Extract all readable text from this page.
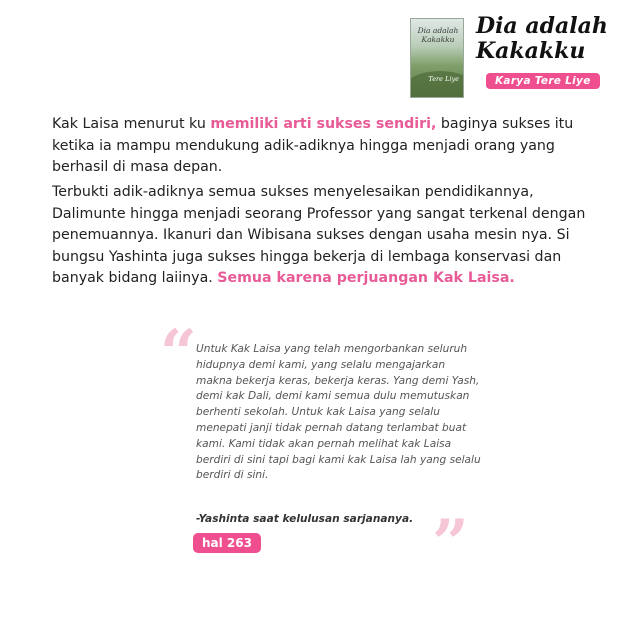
Dia adalah Kakakku
Tere Liye
Dia adalah
Kakakku
Karya Tere Liye

Kak Laisa menurut ku memiliki arti sukses sendiri, baginya sukses itu ketika ia mampu mendukung adik-adiknya hingga menjadi orang yang berhasil di masa depan.

Terbukti adik-adiknya semua sukses menyelesaikan pendidikannya, Dalimunte hingga menjadi seorang Professor yang sangat terkenal dengan penemuannya. Ikanuri dan Wibisana sukses dengan usaha mesin nya. Si bungsu Yashinta juga sukses hingga bekerja di lembaga konservasi dan banyak bidang laiinya. Semua karena perjuangan Kak Laisa.

“ Untuk Kak Laisa yang telah mengorbankan seluruh hidupnya demi kami, yang selalu mengajarkan makna bekerja keras, bekerja keras. Yang demi Yash, demi kak Dali, demi kami semua dulu memutuskan berhenti sekolah. Untuk kak Laisa yang selalu menepati janji tidak pernah datang terlambat buat kami. Kami tidak akan pernah melihat kak Laisa berdiri di sini tapi bagi kami kak Laisa lah yang selalu berdiri di sini.

-Yashinta saat kelulusan sarjananya. ”
hal 263
